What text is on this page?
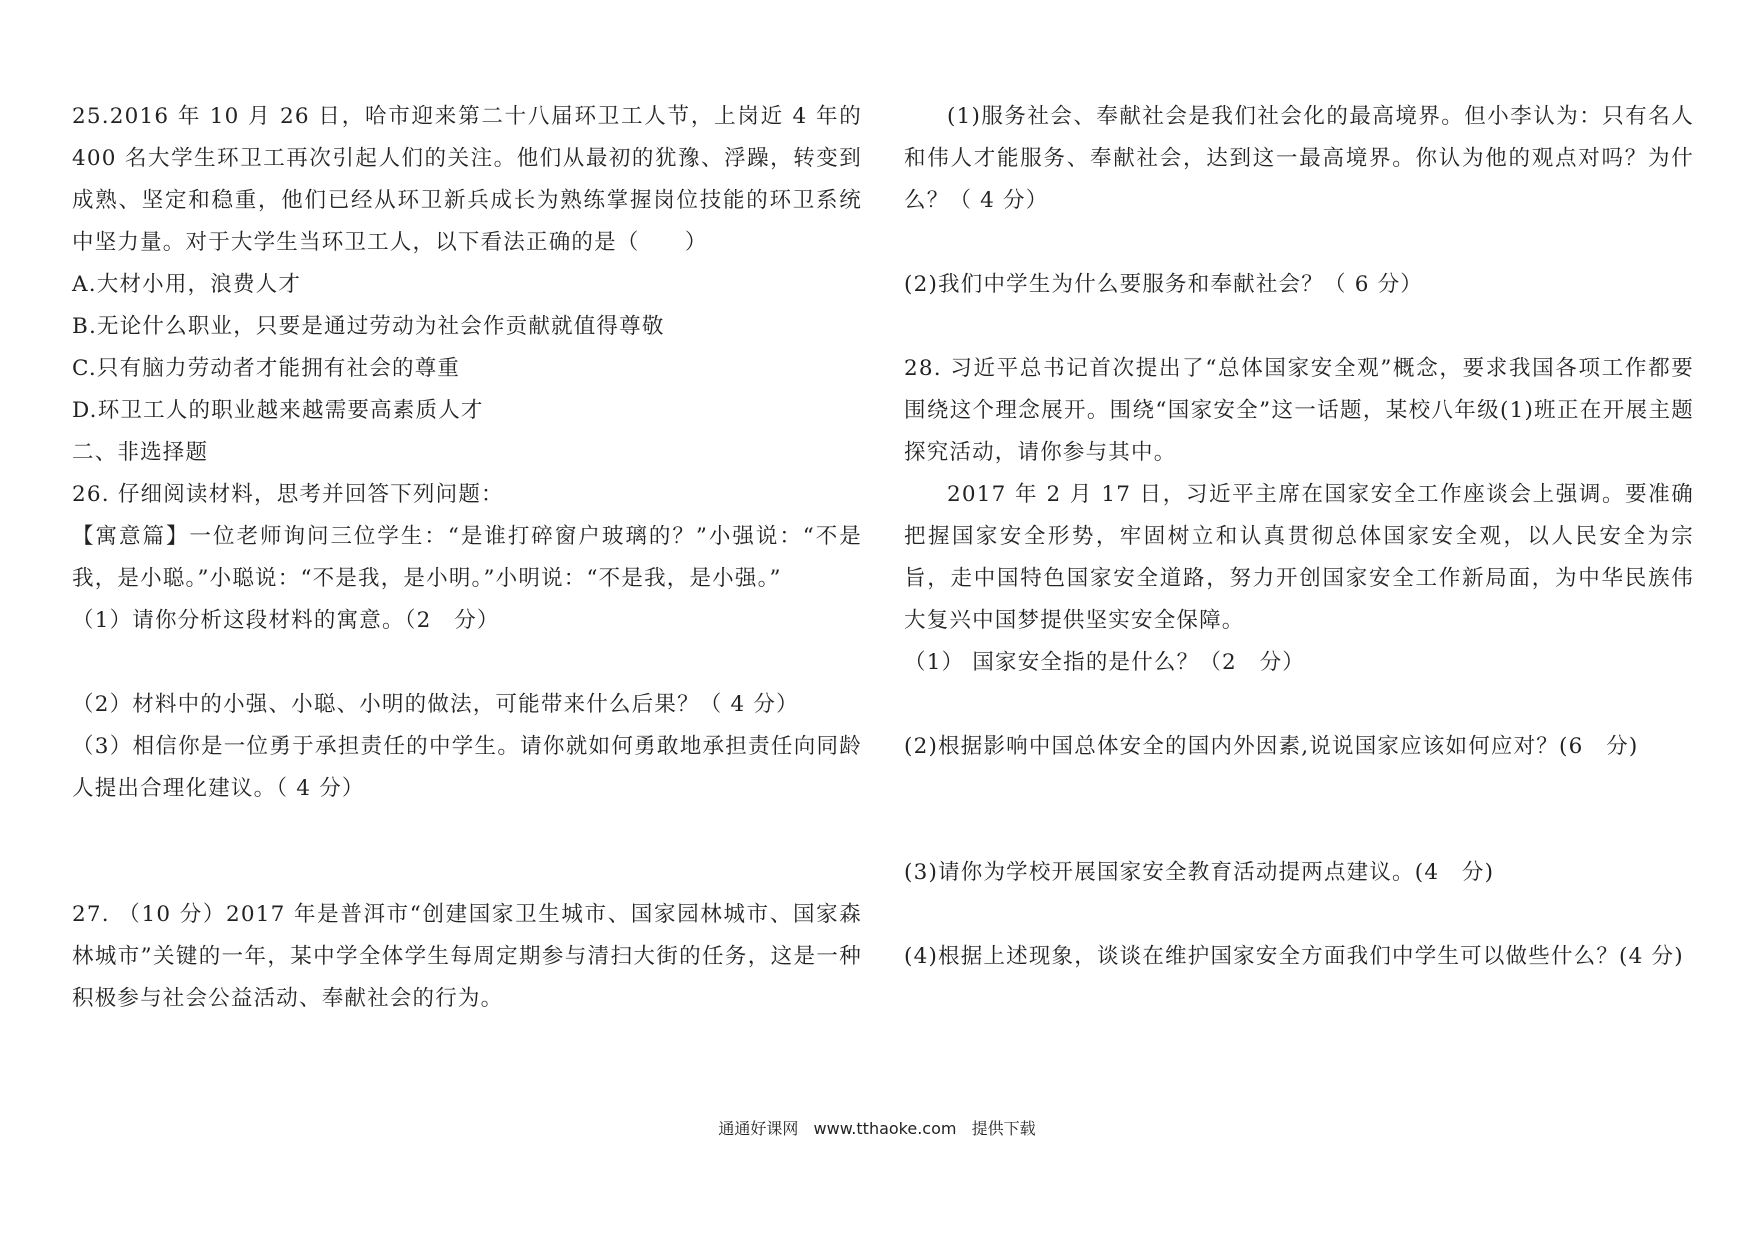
25.2016 年 10 月 26 日，哈市迎来第二十八届环卫工人节，上岗近 4 年的 400 名大学生环卫工再次引起人们的关注。他们从最初的犹豫、浮躁，转变到成熟、坚定和稳重，他们已经从环卫新兵成长为熟练掌握岗位技能的环卫系统中坚力量。对于大学生当环卫工人，以下看法正确的是（　　）

A.大材小用，浪费人才

B.无论什么职业，只要是通过劳动为社会作贡献就值得尊敬

C.只有脑力劳动者才能拥有社会的尊重

D.环卫工人的职业越来越需要高素质人才

二、非选择题

26. 仔细阅读材料，思考并回答下列问题：

【寓意篇】一位老师询问三位学生：“是谁打碎窗户玻璃的？”小强说：“不是我，是小聪。”小聪说：“不是我，是小明。”小明说：“不是我，是小强。”

（1）请你分析这段材料的寓意。（2　分）

（2）材料中的小强、小聪、小明的做法，可能带来什么后果？（ 4 分）

（3）相信你是一位勇于承担责任的中学生。请你就如何勇敢地承担责任向同龄人提出合理化建议。（ 4 分）

27. （10 分）2017 年是普洱市“创建国家卫生城市、国家园林城市、国家森林城市”关键的一年，某中学全体学生每周定期参与清扫大街的任务，这是一种积极参与社会公益活动、奉献社会的行为。

(1)服务社会、奉献社会是我们社会化的最高境界。但小李认为：只有名人和伟人才能服务、奉献社会，达到这一最高境界。你认为他的观点对吗？为什么？（ 4 分）

(2)我们中学生为什么要服务和奉献社会？（ 6 分）

28. 习近平总书记首次提出了“总体国家安全观”概念，要求我国各项工作都要围绕这个理念展开。围绕“国家安全”这一话题，某校八年级(1)班正在开展主题探究活动，请你参与其中。

2017 年 2 月 17 日，习近平主席在国家安全工作座谈会上强调。要准确把握国家安全形势，牢固树立和认真贯彻总体国家安全观，以人民安全为宗旨，走中国特色国家安全道路，努力开创国家安全工作新局面，为中华民族伟大复兴中国梦提供坚实安全保障。

（1） 国家安全指的是什么？（2　分）

(2)根据影响中国总体安全的国内外因素,说说国家应该如何应对？(6　分)

(3)请你为学校开展国家安全教育活动提两点建议。(4　分)

(4)根据上述现象，谈谈在维护国家安全方面我们中学生可以做些什么？(4 分)

通通好课网 www.tthaoke.com 提供下载
